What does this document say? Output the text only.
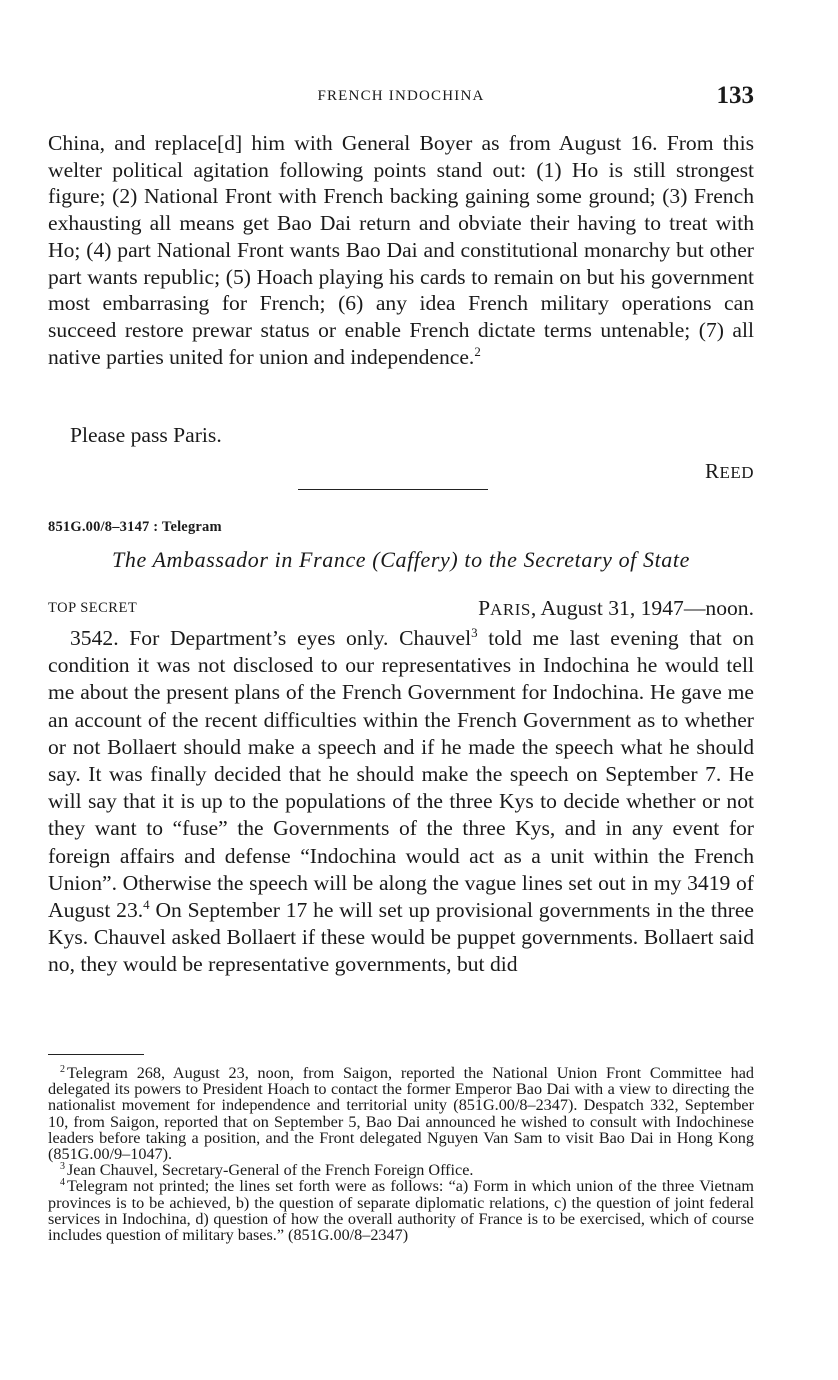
FRENCH INDOCHINA	133

China, and replace[d] him with General Boyer as from August 16. From this welter political agitation following points stand out: (1) Ho is still strongest figure; (2) National Front with French backing gaining some ground; (3) French exhausting all means get Bao Dai return and obviate their having to treat with Ho; (4) part National Front wants Bao Dai and constitutional monarchy but other part wants republic; (5) Hoach playing his cards to remain on but his government most embarrasing for French; (6) any idea French military operations can succeed restore prewar status or enable French dictate terms untenable; (7) all native parties united for union and independence.$^2$

Please pass Paris.

REED
851G.00/8–3147 : Telegram
The Ambassador in France (Caffery) to the Secretary of State
TOP SECRET	PARIS, August 31, 1947—noon.

3542. For Department’s eyes only. Chauvel$^3$ told me last evening that on condition it was not disclosed to our representatives in Indochina he would tell me about the present plans of the French Government for Indochina. He gave me an account of the recent difficulties within the French Government as to whether or not Bollaert should make a speech and if he made the speech what he should say. It was finally decided that he should make the speech on September 7. He will say that it is up to the populations of the three Kys to decide whether or not they want to “fuse” the Governments of the three Kys, and in any event for foreign affairs and defense “Indochina would act as a unit within the French Union”. Otherwise the speech will be along the vague lines set out in my 3419 of August 23.$^4$ On September 17 he will set up provisional governments in the three Kys. Chauvel asked Bollaert if these would be puppet governments. Bollaert said no, they would be representative governments, but did

$^2$ Telegram 268, August 23, noon, from Saigon, reported the National Union Front Committee had delegated its powers to President Hoach to contact the former Emperor Bao Dai with a view to directing the nationalist movement for independence and territorial unity (851G.00/8–2347). Despatch 332, September 10, from Saigon, reported that on September 5, Bao Dai announced he wished to consult with Indochinese leaders before taking a position, and the Front delegated Nguyen Van Sam to visit Bao Dai in Hong Kong (851G.00/9–1047).

$^3$ Jean Chauvel, Secretary-General of the French Foreign Office.

$^4$ Telegram not printed; the lines set forth were as follows: “a) Form in which union of the three Vietnam provinces is to be achieved, b) the question of separate diplomatic relations, c) the question of joint federal services in Indochina, d) question of how the overall authority of France is to be exercised, which of course includes question of military bases.” (851G.00/8–2347)
